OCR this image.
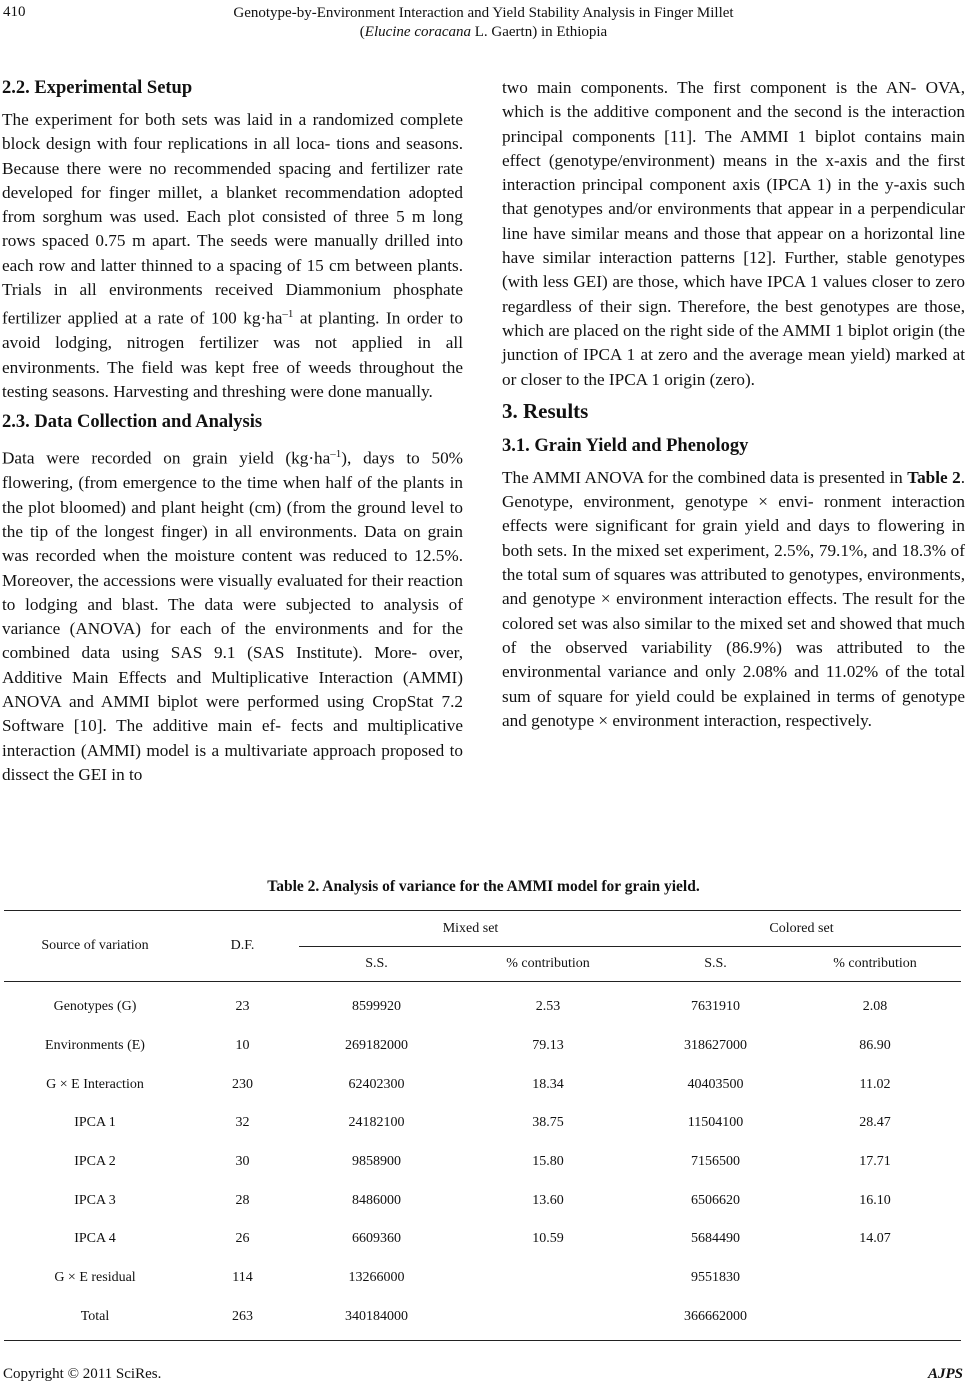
410	Genotype-by-Environment Interaction and Yield Stability Analysis in Finger Millet
(Elucine coracana L. Gaertn) in Ethiopia
2.2. Experimental Setup

The experiment for both sets was laid in a randomized complete block design with four replications in all loca- tions and seasons. Because there were no recommended spacing and fertilizer rate developed for finger millet, a blanket recommendation adopted from sorghum was used. Each plot consisted of three 5 m long rows spaced 0.75 m apart. The seeds were manually drilled into each row and latter thinned to a spacing of 15 cm between plants. Trials in all environments received Diammonium phosphate fertilizer applied at a rate of 100 $kg\cdot ha^{-1}$ at planting. In order to avoid lodging, nitrogen fertilizer was not applied in all environments. The field was kept free of weeds throughout the testing seasons. Harvesting and threshing were done manually.

2.3. Data Collection and Analysis

Data were recorded on grain yield $(kg\cdot ha^{-1})$, days to 50% flowering, (from emergence to the time when half of the plants in the plot bloomed) and plant height (cm) (from the ground level to the tip of the longest finger) in all environments. Data on grain was recorded when the moisture content was reduced to 12.5%. Moreover, the accessions were visually evaluated for their reaction to lodging and blast. The data were subjected to analysis of variance (ANOVA) for each of the environments and for the combined data using SAS 9.1 (SAS Institute). More- over, Additive Main Effects and Multiplicative Interaction (AMMI) ANOVA and AMMI biplot were performed using CropStat 7.2 Software [10]. The additive main ef- fects and multiplicative interaction (AMMI) model is a multivariate approach proposed to dissect the GEI in to

two main components. The first component is the AN- OVA, which is the additive component and the second is the interaction principal components [11]. The AMMI 1 biplot contains main effect (genotype/environment) means in the x-axis and the first interaction principal component axis (IPCA 1) in the y-axis such that genotypes and/or environments that appear in a perpendicular line have similar means and those that appear on a horizontal line have similar interaction patterns [12]. Further, stable genotypes (with less GEI) are those, which have IPCA 1 values closer to zero regardless of their sign. Therefore, the best genotypes are those, which are placed on the right side of the AMMI 1 biplot origin (the junction of IPCA 1 at zero and the average mean yield) marked at or closer to the IPCA 1 origin (zero).

3. Results
3.1. Grain Yield and Phenology

The AMMI ANOVA for the combined data is presented in Table 2. Genotype, environment, genotype × envi- ronment interaction effects were significant for grain yield and days to flowering in both sets. In the mixed set experiment, 2.5%, 79.1%, and 18.3% of the total sum of squares was attributed to genotypes, environments, and genotype × environment interaction effects. The result for the colored set was also similar to the mixed set and showed that much of the observed variability (86.9%) was attributed to the environmental variance and only 2.08% and 11.02% of the total sum of square for yield could be explained in terms of genotype and genotype × environment interaction, respectively.

Table 2. Analysis of variance for the AMMI model for grain yield.
Source of variation	D.F.	Mixed set		Colored set	
		S.S.	% contribution	S.S.	% contribution
Genotypes (G)	23	8599920	2.53	7631910	2.08
Environments (E)	10	269182000	79.13	318627000	86.90
G × E Interaction	230	62402300	18.34	40403500	11.02
IPCA 1	32	24182100	38.75	11504100	28.47
IPCA 2	30	9858900	15.80	7156500	17.71
IPCA 3	28	8486000	13.60	6506620	16.10
IPCA 4	26	6609360	10.59	5684490	14.07
G × E residual	114	13266000		9551830	
Total	263	340184000		366662000	
Copyright © 2011 SciRes.	AJPS
